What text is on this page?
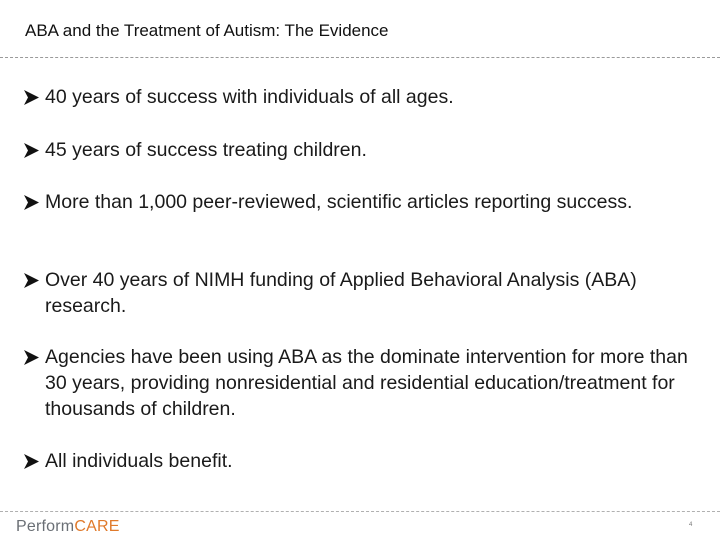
ABA and the Treatment of Autism: The Evidence
40 years of success with individuals of all ages.
45 years of success treating children.
More than 1,000 peer-reviewed, scientific articles reporting success.
Over 40 years of NIMH funding of Applied Behavioral Analysis (ABA) research.
Agencies have been using ABA as the dominate intervention for more than 30 years, providing nonresidential and residential education/treatment for thousands of children.
All individuals benefit.
PerformCARE	4
